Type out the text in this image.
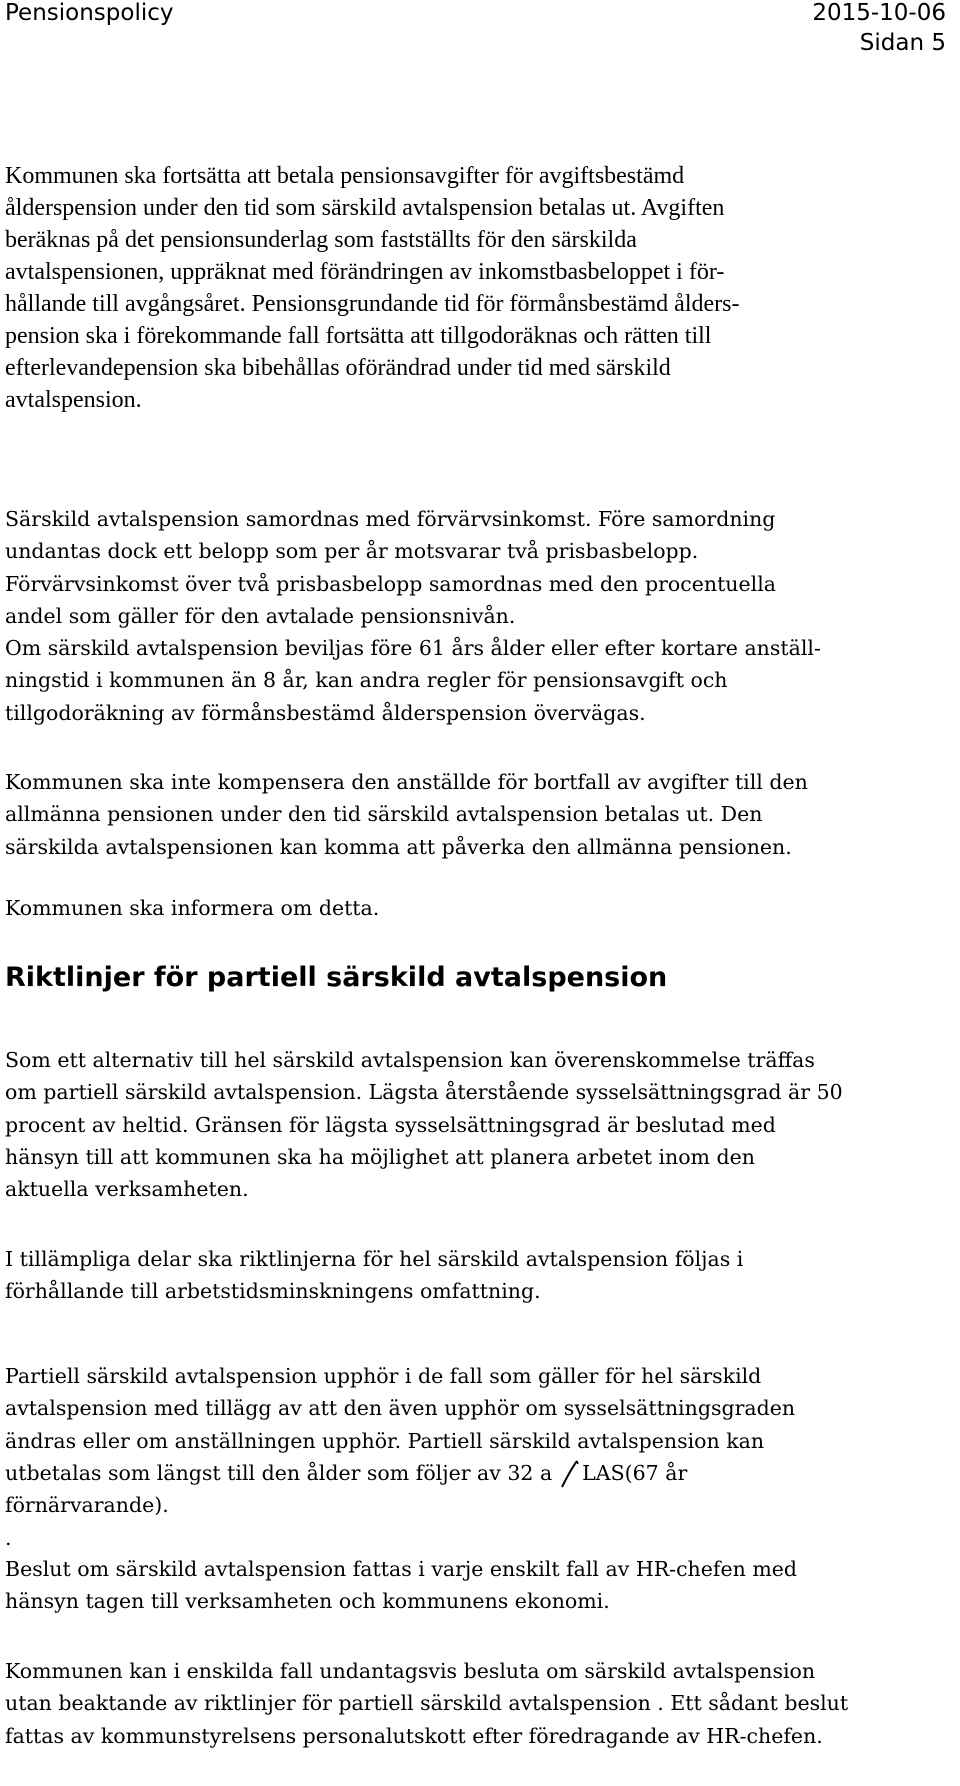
Pensionspolicy	2015-10-06
Sidan 5

Kommunen ska fortsätta att betala pensionsavgifter för avgiftsbestämd
ålderspension under den tid som särskild avtalspension betalas ut. Avgiften
beräknas på det pensionsunderlag som fastställts för den särskilda
avtalspensionen, uppräknat med förändringen av inkomstbasbeloppet i för-
hållande till avgångsåret. Pensionsgrundande tid för förmånsbestämd ålders-
pension ska i förekommande fall fortsätta att tillgodoräknas och rätten till
efterlevandepension ska bibehållas oförändrad under tid med särskild
avtalspension.

Särskild avtalspension samordnas med förvärvsinkomst. Före samordning
undantas dock ett belopp som per år motsvarar två prisbasbelopp.
Förvärvsinkomst över två prisbasbelopp samordnas med den procentuella
andel som gäller för den avtalade pensionsnivån.
Om särskild avtalspension beviljas före 61 års ålder eller efter kortare anställ-
ningstid i kommunen än 8 år, kan andra regler för pensionsavgift och
tillgodoräkning av förmånsbestämd ålderspension övervägas.

Kommunen ska inte kompensera den anställde för bortfall av avgifter till den
allmänna pensionen under den tid särskild avtalspension betalas ut. Den
särskilda avtalspensionen kan komma att påverka den allmänna pensionen.

Kommunen ska informera om detta.

Riktlinjer för partiell särskild avtalspension

Som ett alternativ till hel särskild avtalspension kan överenskommelse träffas
om partiell särskild avtalspension. Lägsta återstående sysselsättningsgrad är 50
procent av heltid. Gränsen för lägsta sysselsättningsgrad är beslutad med
hänsyn till att kommunen ska ha möjlighet att planera arbetet inom den
aktuella verksamheten.

I tillämpliga delar ska riktlinjerna för hel särskild avtalspension följas i
förhållande till arbetstidsminskningens omfattning.

Partiell särskild avtalspension upphör i de fall som gäller för hel särskild
avtalspension med tillägg av att den även upphör om sysselsättningsgraden
ändras eller om anställningen upphör. Partiell särskild avtalspension kan
utbetalas som längst till den ålder som följer av 32 a LAS(67 år
förnärvarande).
.

Beslut om särskild avtalspension fattas i varje enskilt fall av HR-chefen med
hänsyn tagen till verksamheten och kommunens ekonomi.

Kommunen kan i enskilda fall undantagsvis besluta om särskild avtalspension
utan beaktande av riktlinjer för partiell särskild avtalspension . Ett sådant beslut
fattas av kommunstyrelsens personalutskott efter föredragande av HR-chefen.
